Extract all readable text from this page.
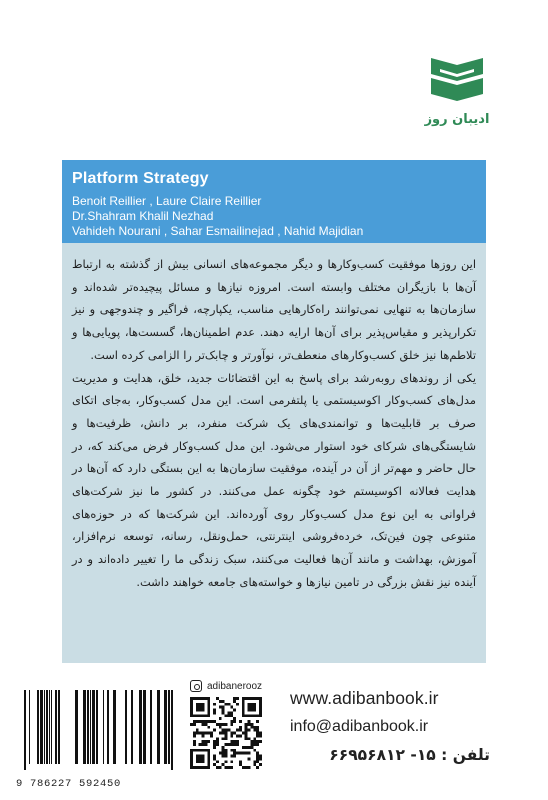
ادیبان روز
Platform Strategy
Benoit Reillier , Laure Claire Reillier
Dr.Shahram Khalil Nezhad
Vahideh Nourani , Sahar Esmailinejad , Nahid Majidian

این روزها موفقیت کسب‌وکارها و دیگر مجموعه‌های انسانی بیش از گذشته به ارتباط آن‌ها با بازیگران مختلف وابسته است. امروزه نیازها و مسائل پیچیده‌تر شده‌اند و سازمان‌ها به تنهایی نمی‌توانند راه‌کارهایی مناسب، یکپارچه، فراگیر و چندوجهی و نیز تکرارپذیر و مقیاس‌پذیر برای آن‌ها ارایه دهند. عدم اطمینان‌ها، گسست‌ها، پویایی‌ها و تلاطم‌ها نیز خلق کسب‌وکارهای منعطف‌تر، نوآورتر و چابک‌تر را الزامی کرده است.

یکی از روندهای روبه‌رشد برای پاسخ به این اقتضائات جدید، خلق، هدایت و مدیریت مدل‌های کسب‌وکار اکوسیستمی یا پلتفرمی است. این مدل کسب‌وکار، به‌جای اتکای صرف بر قابلیت‌ها و توانمندی‌های یک شرکت منفرد، بر دانش، ظرفیت‌ها و شایستگی‌های شرکای خود استوار می‌شود. این مدل کسب‌وکار فرض می‌کند که، در حال حاضر و مهم‌تر از آن در آینده، موفقیت سازمان‌ها به این بستگی دارد که آن‌ها در هدایت فعالانه اکوسیستم خود چگونه عمل می‌کنند. در کشور ما نیز شرکت‌های فراوانی به این نوع مدل کسب‌وکار روی آورده‌اند. این شرکت‌ها که در حوزه‌های متنوعی چون فین‌تک، خرده‌فروشی اینترنتی، حمل‌ونقل، رسانه، توسعه نرم‌افزار، آموزش، بهداشت و مانند آن‌ها فعالیت می‌کنند، سبک زندگی ما را تغییر داده‌اند و در آینده نیز نقش بزرگی در تامین نیازها و خواسته‌های جامعه خواهند داشت.

adibanerooz
9 786227 592450
www.adibanbook.ir
info@adibanbook.ir
تلفن : ۱۵- ۶۶۹۵۶۸۱۲
